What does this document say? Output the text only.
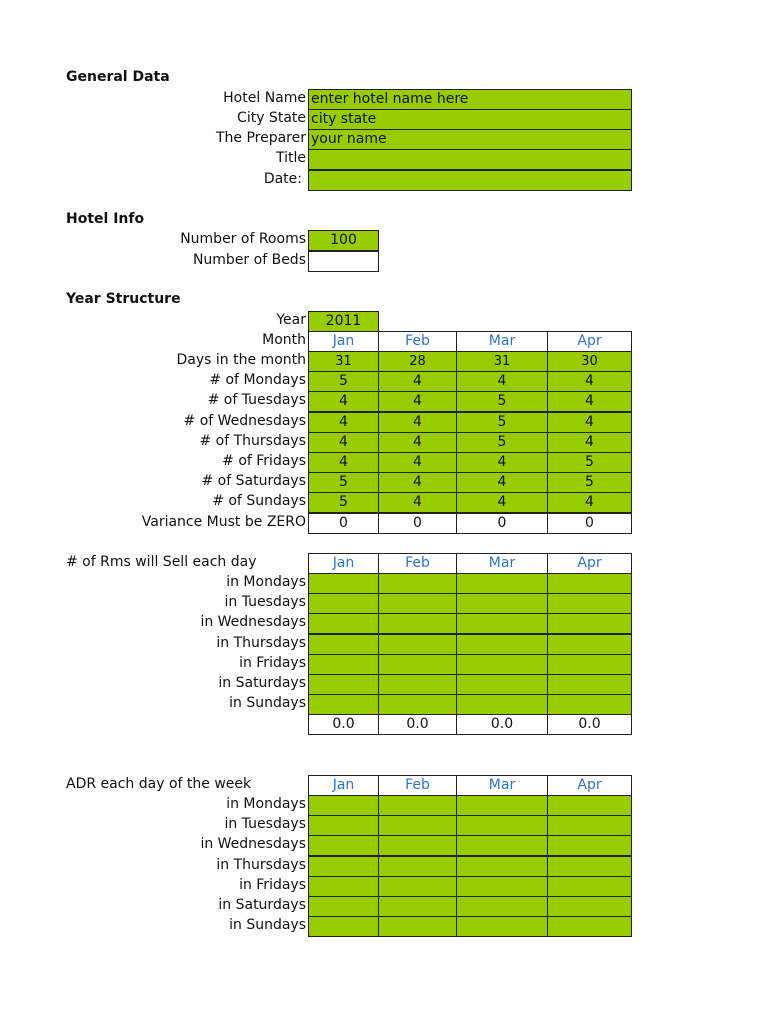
General Data
Hotel Name enter hotel name here
City State city state
The Preparer your name
Title
Date:
Hotel Info
Number of Rooms	100
Number of Beds
Year Structure
Year	2011
Month	Jan	Feb	Mar	Apr
Days in the month	31	28	31	30
# of Mondays	5	4	4	4
# of Tuesdays	4	4	5	4
# of Wednesdays	4	4	5	4
# of Thursdays	4	4	5	4
# of Fridays	4	4	4	5
# of Saturdays	5	4	4	5
# of Sundays	5	4	4	4
Variance Must be ZERO	0	0	0	0
# of Rms will Sell each day	Jan	Feb	Mar	Apr
in Mondays
in Tuesdays
in Wednesdays
in Thursdays
in Fridays
in Saturdays
in Sundays
0.0	0.0	0.0	0.0
ADR each day of the week	Jan	Feb	Mar	Apr
in Mondays
in Tuesdays
in Wednesdays
in Thursdays
in Fridays
in Saturdays
in Sundays
